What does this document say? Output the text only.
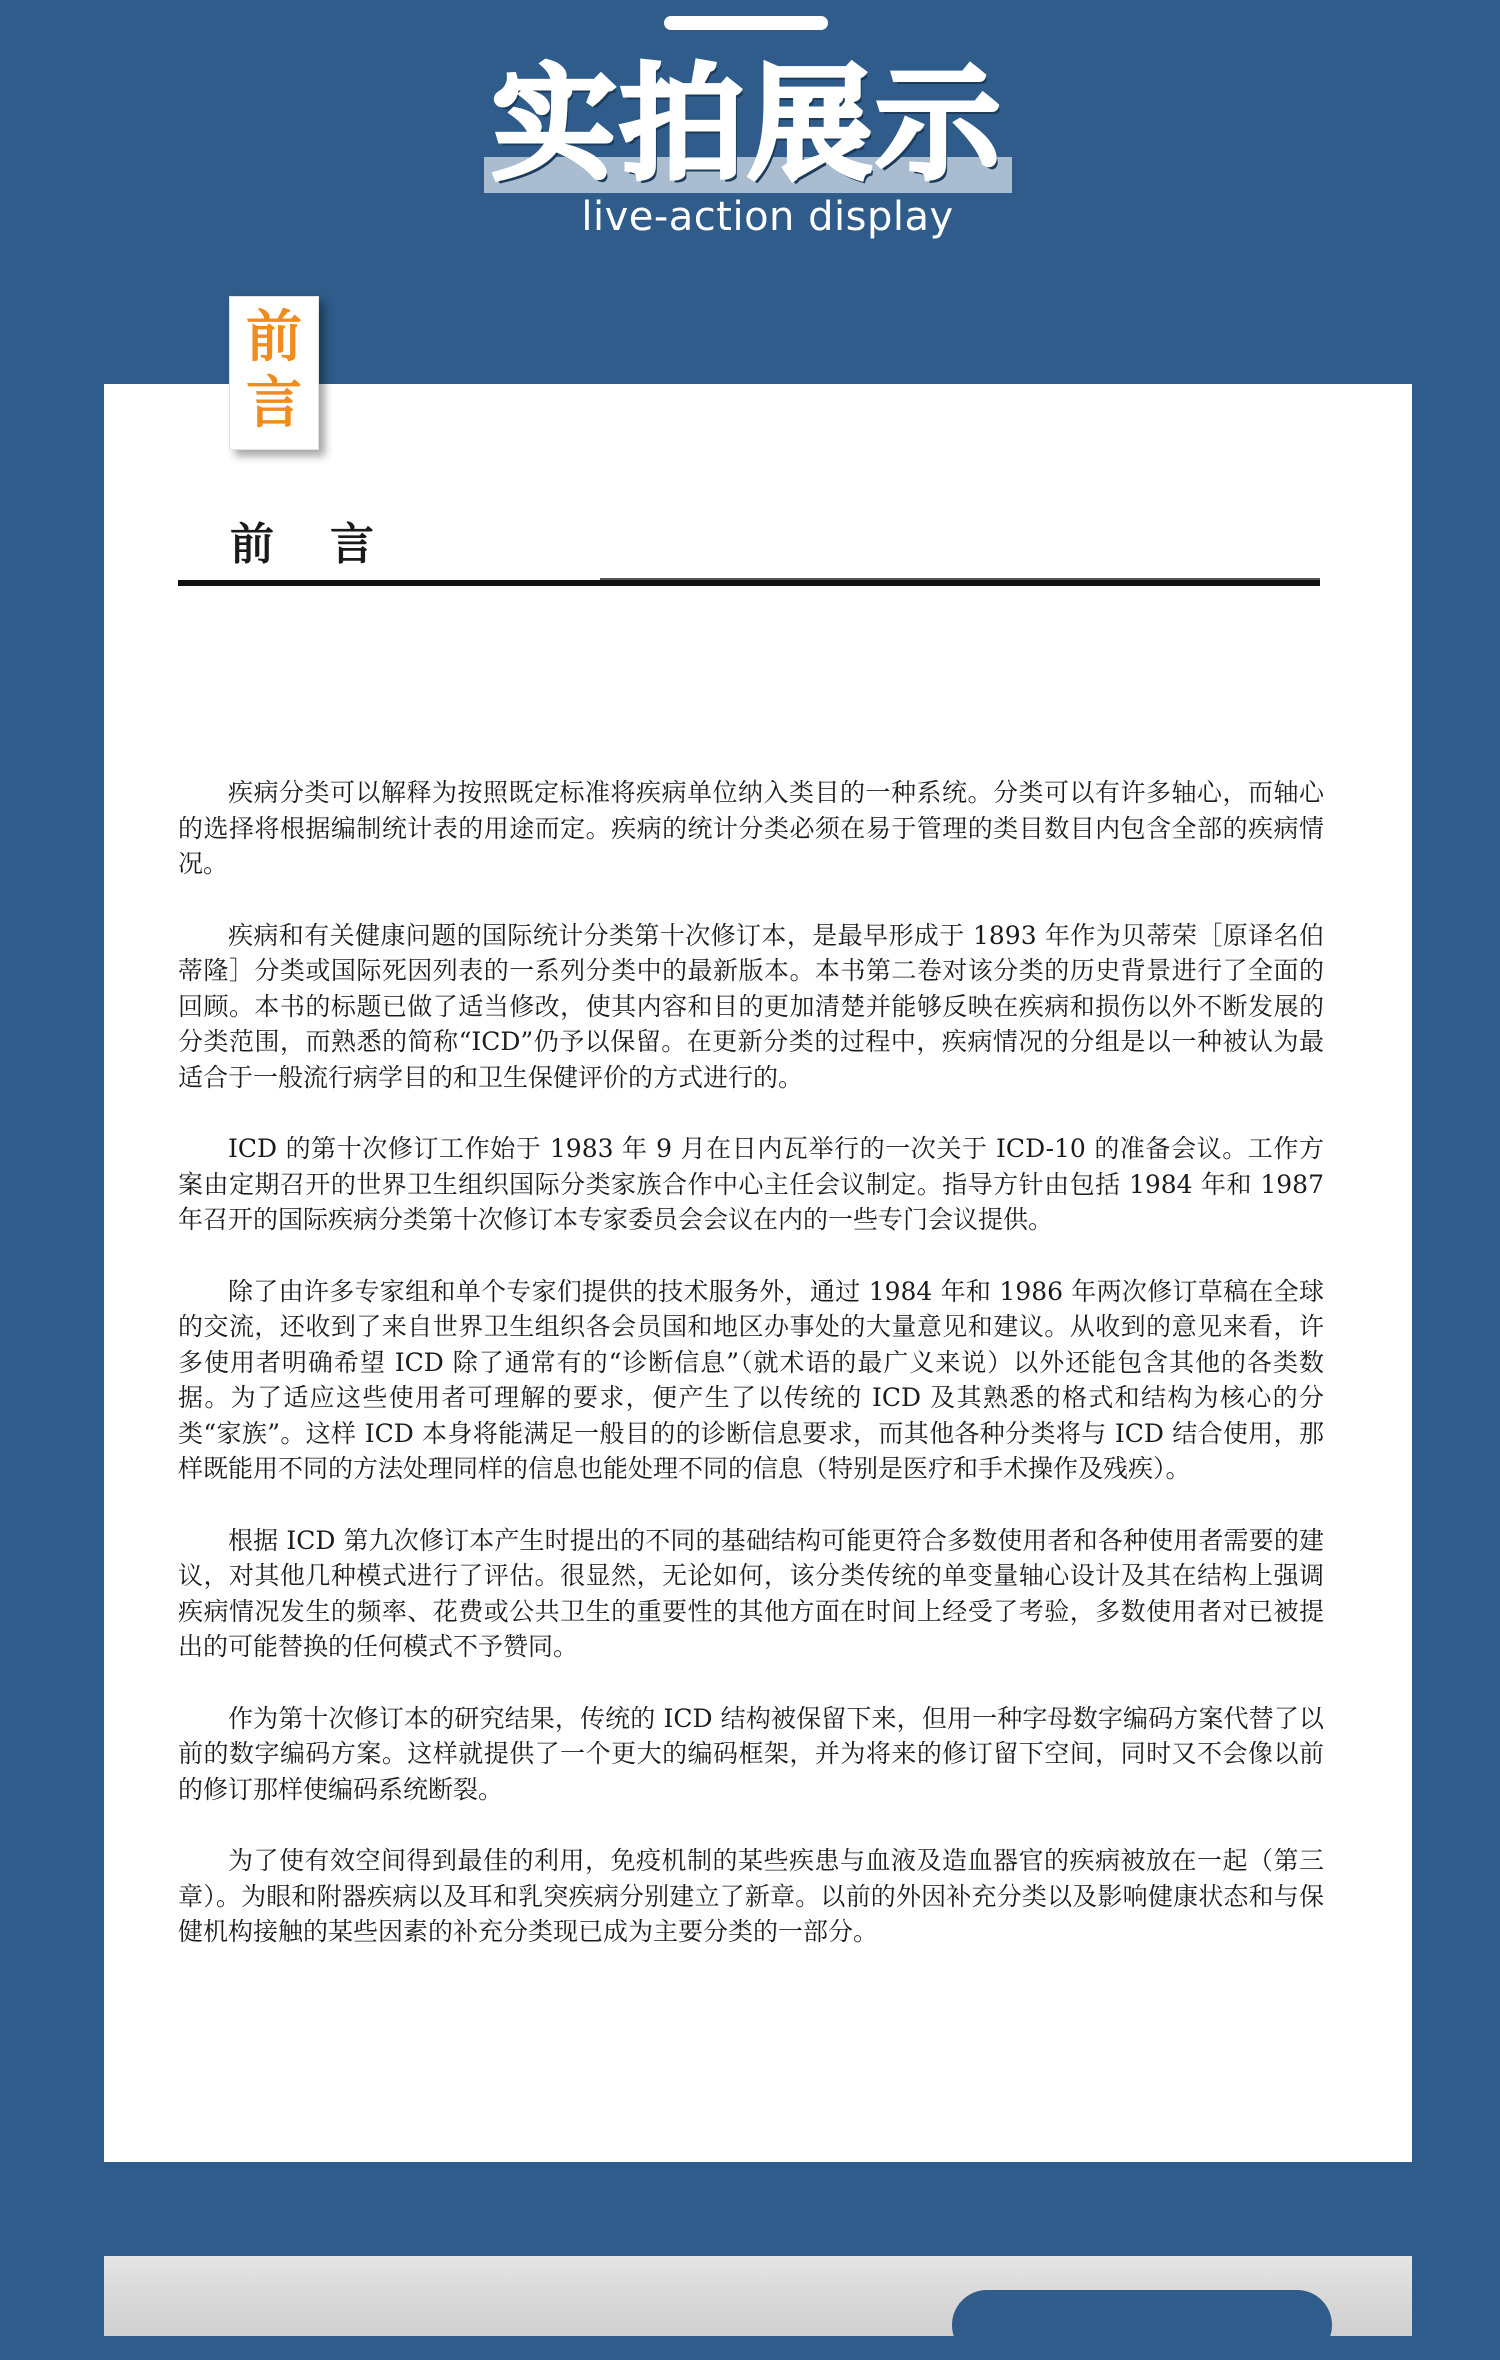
实拍展示
live-action display
前
言
前言

疾病分类可以解释为按照既定标准将疾病单位纳入类目的一种系统。分类可以有许多轴心，而轴心的选择将根据编制统计表的用途而定。疾病的统计分类必须在易于管理的类目数目内包含全部的疾病情况。

疾病和有关健康问题的国际统计分类第十次修订本，是最早形成于 1893 年作为贝蒂荣［原译名伯蒂隆］分类或国际死因列表的一系列分类中的最新版本。本书第二卷对该分类的历史背景进行了全面的回顾。本书的标题已做了适当修改，使其内容和目的更加清楚并能够反映在疾病和损伤以外不断发展的分类范围，而熟悉的简称“ICD”仍予以保留。在更新分类的过程中，疾病情况的分组是以一种被认为最适合于一般流行病学目的和卫生保健评价的方式进行的。

ICD 的第十次修订工作始于 1983 年 9 月在日内瓦举行的一次关于 ICD-10 的准备会议。工作方案由定期召开的世界卫生组织国际分类家族合作中心主任会议制定。指导方针由包括 1984 年和 1987 年召开的国际疾病分类第十次修订本专家委员会会议在内的一些专门会议提供。

除了由许多专家组和单个专家们提供的技术服务外，通过 1984 年和 1986 年两次修订草稿在全球的交流，还收到了来自世界卫生组织各会员国和地区办事处的大量意见和建议。从收到的意见来看，许多使用者明确希望 ICD 除了通常有的“诊断信息”（就术语的最广义来说）以外还能包含其他的各类数据。为了适应这些使用者可理解的要求，便产生了以传统的 ICD 及其熟悉的格式和结构为核心的分类“家族”。这样 ICD 本身将能满足一般目的的诊断信息要求，而其他各种分类将与 ICD 结合使用，那样既能用不同的方法处理同样的信息也能处理不同的信息（特别是医疗和手术操作及残疾）。

根据 ICD 第九次修订本产生时提出的不同的基础结构可能更符合多数使用者和各种使用者需要的建议，对其他几种模式进行了评估。很显然，无论如何，该分类传统的单变量轴心设计及其在结构上强调疾病情况发生的频率、花费或公共卫生的重要性的其他方面在时间上经受了考验，多数使用者对已被提出的可能替换的任何模式不予赞同。

作为第十次修订本的研究结果，传统的 ICD 结构被保留下来，但用一种字母数字编码方案代替了以前的数字编码方案。这样就提供了一个更大的编码框架，并为将来的修订留下空间，同时又不会像以前的修订那样使编码系统断裂。

为了使有效空间得到最佳的利用，免疫机制的某些疾患与血液及造血器官的疾病被放在一起（第三章）。为眼和附器疾病以及耳和乳突疾病分别建立了新章。以前的外因补充分类以及影响健康状态和与保健机构接触的某些因素的补充分类现已成为主要分类的一部分。
